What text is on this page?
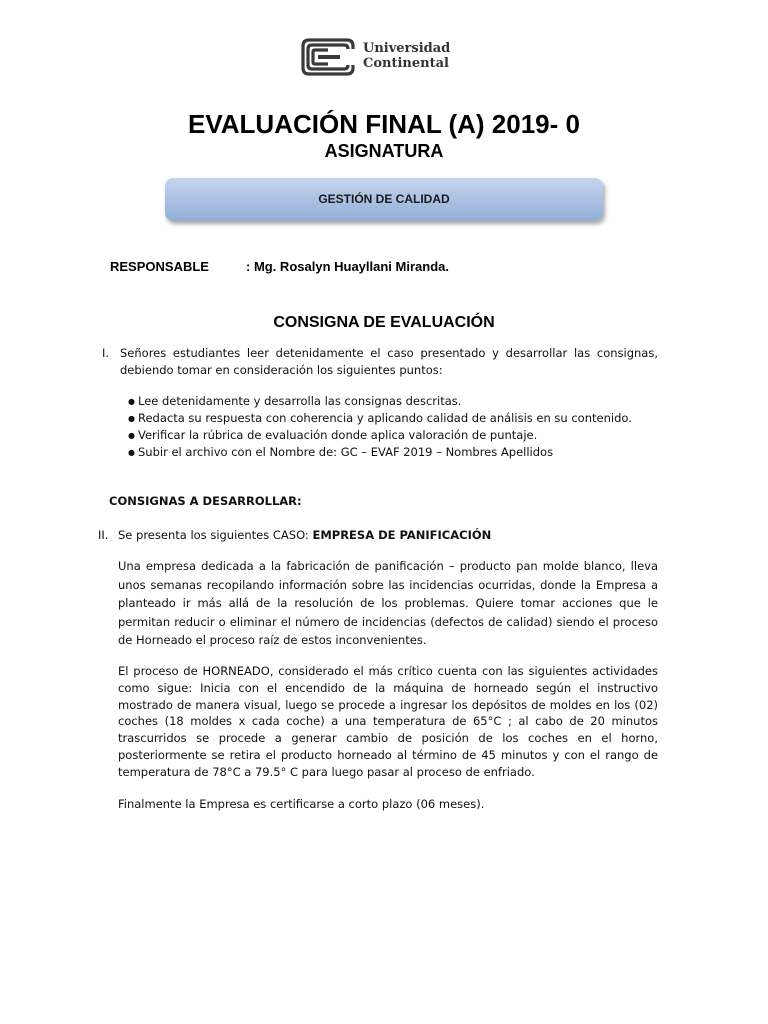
Universidad
Continental
EVALUACIÓN FINAL (A) 2019- 0
ASIGNATURA
GESTIÓN DE CALIDAD
RESPONSABLE	: Mg. Rosalyn Huayllani Miranda.
CONSIGNA DE EVALUACIÓN
I. Señores estudiantes leer detenidamente el caso presentado y desarrollar las consignas, debiendo tomar en consideración los siguientes puntos:
● Lee detenidamente y desarrolla las consignas descritas.
● Redacta su respuesta con coherencia y aplicando calidad de análisis en su contenido.
● Verificar la rúbrica de evaluación donde aplica valoración de puntaje.
● Subir el archivo con el Nombre de: GC – EVAF 2019 – Nombres Apellidos
CONSIGNAS A DESARROLLAR:
II. Se presenta los siguientes CASO: EMPRESA DE PANIFICACIÓN
Una empresa dedicada a la fabricación de panificación – producto pan molde blanco, lleva unos semanas recopilando información sobre las incidencias ocurridas, donde la Empresa a planteado ir más allá de la resolución de los problemas. Quiere tomar acciones que le permitan reducir o eliminar el número de incidencias (defectos de calidad) siendo el proceso de Horneado el proceso raíz de estos inconvenientes.
El proceso de HORNEADO, considerado el más crítico cuenta con las siguientes actividades como sigue: Inicia con el encendido de la máquina de horneado según el instructivo mostrado de manera visual, luego se procede a ingresar los depósitos de moldes en los (02) coches (18 moldes x cada coche) a una temperatura de 65°C ; al cabo de 20 minutos trascurridos se procede a generar cambio de posición de los coches en el horno, posteriormente se retira el producto horneado al término de 45 minutos y con el rango de temperatura de 78°C a 79.5° C para luego pasar al proceso de enfriado.
Finalmente la Empresa es certificarse a corto plazo (06 meses).
